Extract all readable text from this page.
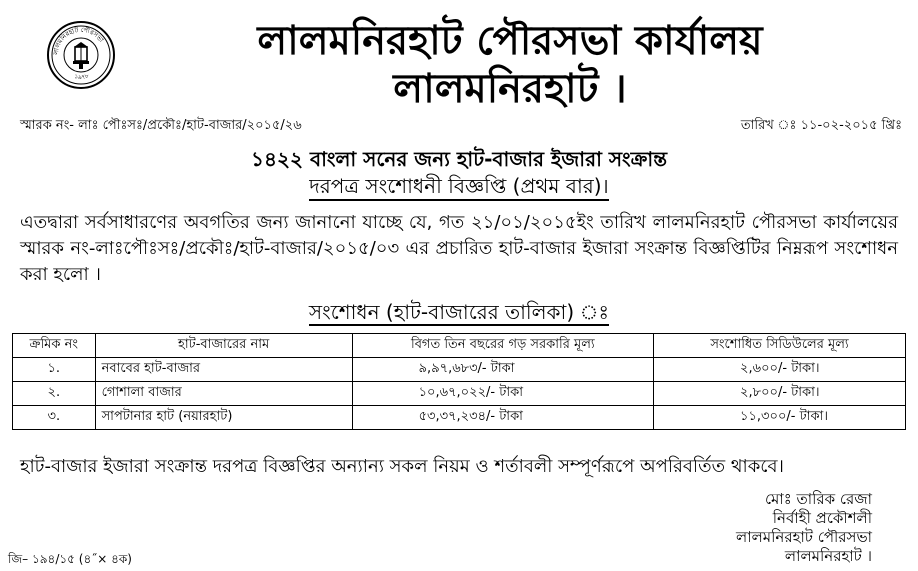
লালমনিরহাট পৌরসভা
১৯৭৮
লালমনিরহাট পৌরসভা কার্যালয়
লালমনিরহাট ।
স্মারক নং- লাঃ পৌঃসঃ/প্রকৌঃ/হাট-বাজার/২০১৫/২৬	তারিখ ঃ ১১-০২-২০১৫ খ্রিঃ
১৪২২ বাংলা সনের জন্য হাট-বাজার ইজারা সংক্রান্ত
দরপত্র সংশোধনী বিজ্ঞপ্তি (প্রথম বার)।
এতদ্বারা সর্বসাধারণের অবগতির জন্য জানানো যাচ্ছে যে, গত ২১/০১/২০১৫ইং তারিখ লালমনিরহাট পৌরসভা কার্যালয়ের স্মারক নং-লাঃপৌঃসঃ/প্রকৌঃ/হাট-বাজার/২০১৫/০৩ এর প্রচারিত হাট-বাজার ইজারা সংক্রান্ত বিজ্ঞপ্তিটির নিম্নরূপ সংশোধন করা হলো ।
সংশোধন (হাট-বাজারের তালিকা) ঃ
ক্রমিক নং	হাট-বাজারের নাম	বিগত তিন বছরের গড় সরকারি মূল্য	সংশোধিত সিডিউলের মূল্য
১.	নবাবের হাট-বাজার	৯,৯৭,৬৮৩/- টাকা	২,৬০০/- টাকা।
২.	গোশালা বাজার	১০,৬৭,০২২/- টাকা	২,৮০০/- টাকা।
৩.	সাপটানার হাট (নয়ারহাট)	৫৩,৩৭,২৩৪/- টাকা	১১,৩০০/- টাকা।
হাট-বাজার ইজারা সংক্রান্ত দরপত্র বিজ্ঞপ্তির অন্যান্য সকল নিয়ম ও শর্তাবলী সম্পূর্ণরূপে অপরিবর্তিত থাকবে।
মোঃ তারিক রেজা
নির্বাহী প্রকৌশলী
লালমনিরহাট পৌরসভা
লালমনিরহাট ।
জি– ১৯৪/১৫ (৪˝× ৪ক)
